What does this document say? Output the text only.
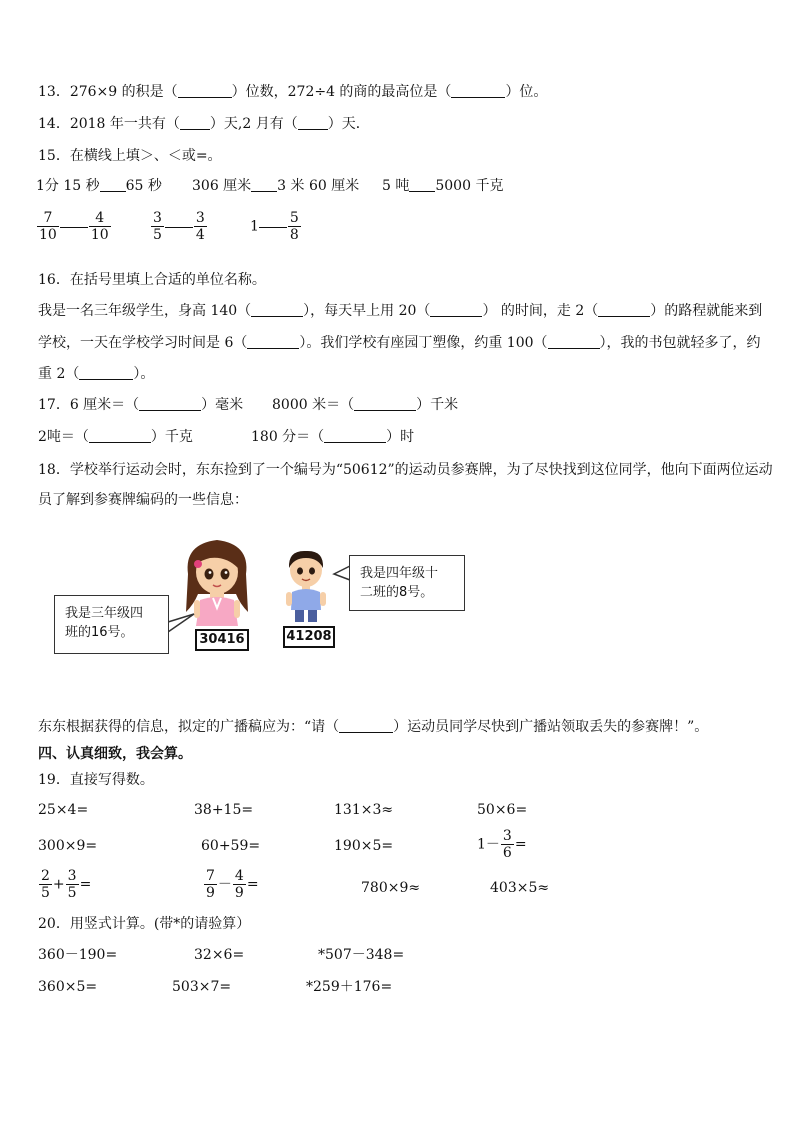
13．276×9 的积是（	）位数，272÷4 的商的最高位是（	）位。
14．2018 年一共有（ ）天,2 月有（ ）天．
15．在横线上填＞、＜或=。
1分 15 秒 65 秒 306 厘米 3 米 60 厘米 5 吨 5000 千克
$\frac{7}{10} \frac{4}{10}$	$\frac{3}{5} \frac{3}{4}$	$1 \frac{5}{8}$
16．在括号里填上合适的单位名称。
我是一名三年级学生，身高 140（	），每天早上用 20（	） 的时间，走 2（	）的路程就能来到
学校，一天在学校学习时间是 6（	）。我们学校有座园丁塑像，约重 100（	），我的书包就轻多了，约
重 2（	）。
17．6 厘米＝（	）毫米 8000 米＝（	）千米
2吨＝（	）千克	180 分＝（	）时
18．学校举行运动会时，东东捡到了一个编号为“50612”的运动员参赛牌，为了尽快找到这位同学，他向下面两位运动
员了解到参赛牌编码的一些信息：
30416	41208
我是三年级四
班的16号。
我是四年级十
二班的8号。
东东根据获得的信息，拟定的广播稿应为：“请（	）运动员同学尽快到广播站领取丢失的参赛牌！”。
四、认真细致，我会算。
19．直接写得数。
25×4=	38+15=	131×3≈	50×6=
300×9=	60+59=	190×5=	$1- \frac{3}{6}$ =
$\frac{2}{5} + \frac{3}{5}$ =	$\frac{7}{9} - \frac{4}{9}$ =	780×9≈	403×5≈
20．用竖式计算。(带*的请验算）
360－190=	32×6=	*507－348=
360×5=	503×7=	*259＋176=
